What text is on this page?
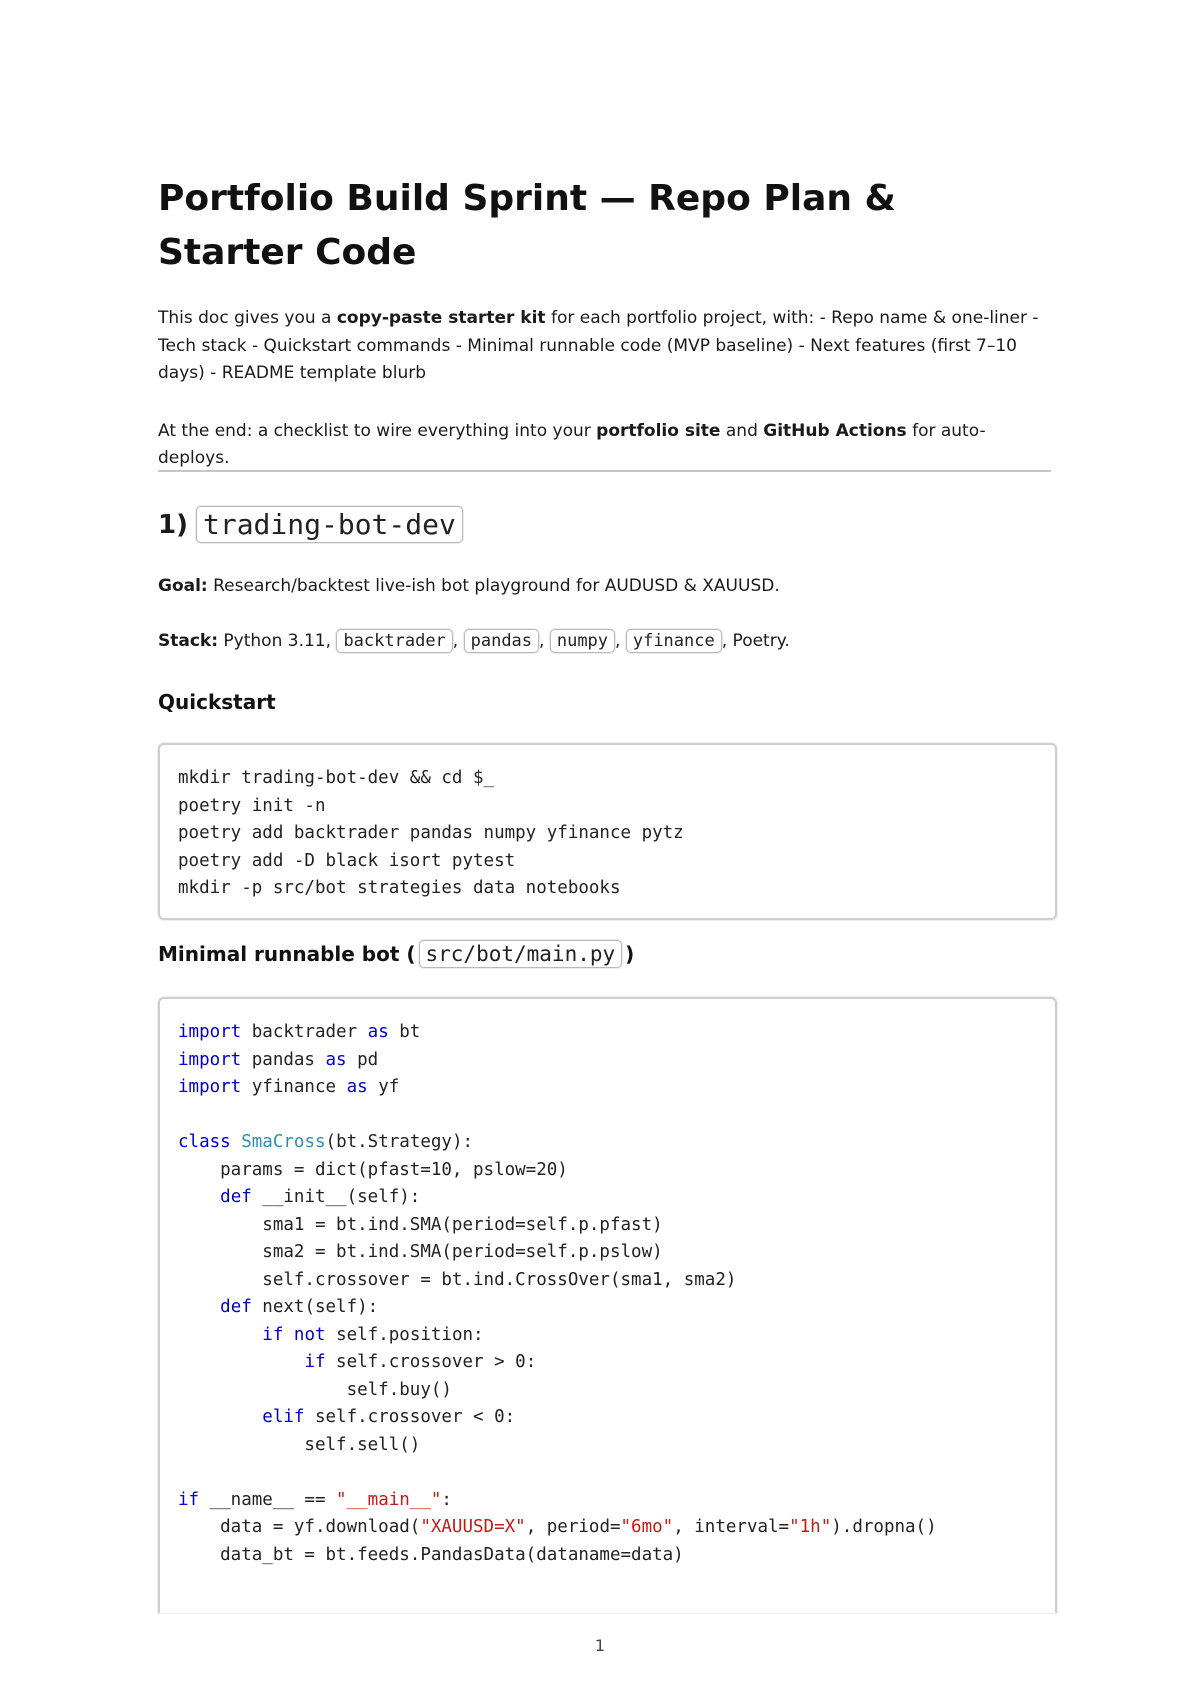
Portfolio Build Sprint — Repo Plan & Starter Code

This doc gives you a copy-paste starter kit for each portfolio project, with: - Repo name & one-liner - Tech stack - Quickstart commands - Minimal runnable code (MVP baseline) - Next features (first 7–10 days) - README template blurb

At the end: a checklist to wire everything into your portfolio site and GitHub Actions for auto-deploys.

1) trading-bot-dev

Goal: Research/backtest live-ish bot playground for AUDUSD & XAUUSD.

Stack: Python 3.11, backtrader , pandas , numpy , yfinance , Poetry.

Quickstart
mkdir trading-bot-dev && cd $_
poetry init -n
poetry add backtrader pandas numpy yfinance pytz
poetry add -D black isort pytest
mkdir -p src/bot strategies data notebooks
Minimal runnable bot ( src/bot/main.py )
import backtrader as bt
import pandas as pd
import yfinance as yf

class SmaCross(bt.Strategy):
params = dict(pfast=10, pslow=20)
def __init__(self):
sma1 = bt.ind.SMA(period=self.p.pfast)
sma2 = bt.ind.SMA(period=self.p.pslow)
self.crossover = bt.ind.CrossOver(sma1, sma2)
def next(self):
if not self.position:
if self.crossover > 0:
self.buy()
elif self.crossover < 0:
self.sell()

if __name__ == "__main__":
data = yf.download("XAUUSD=X", period="6mo", interval="1h").dropna()
data_bt = bt.feeds.PandasData(dataname=data)
1
